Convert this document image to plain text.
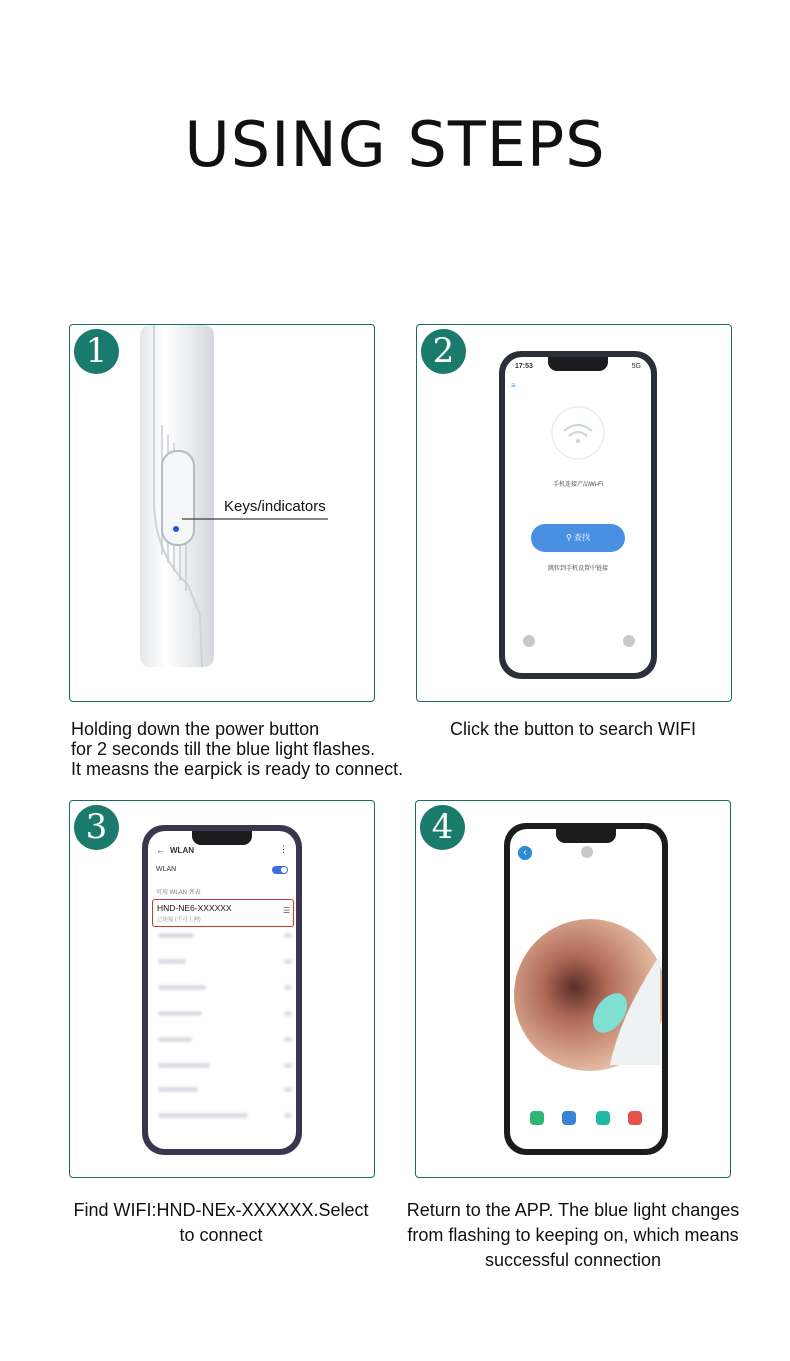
USING STEPS
1
Keys/indicators
Holding down the power button
for 2 seconds till the blue light flashes.
It measns the earpick is ready to connect.
2	17:53	5G
≡
手机连接产品Wi-Fi
⚲ 查找
跳转到手机设置中链接
Click the button to search WIFI
3
← WLAN	⋮
WLAN
可用 WLAN 列表
HND-NE6-XXXXXX
已连接 (不可上网)
☰
Find WIFI:HND-NEx-XXXXXX.Select
to connect
4
‹
Return to the APP. The blue light changes
from flashing to keeping on, which means
successful connection
